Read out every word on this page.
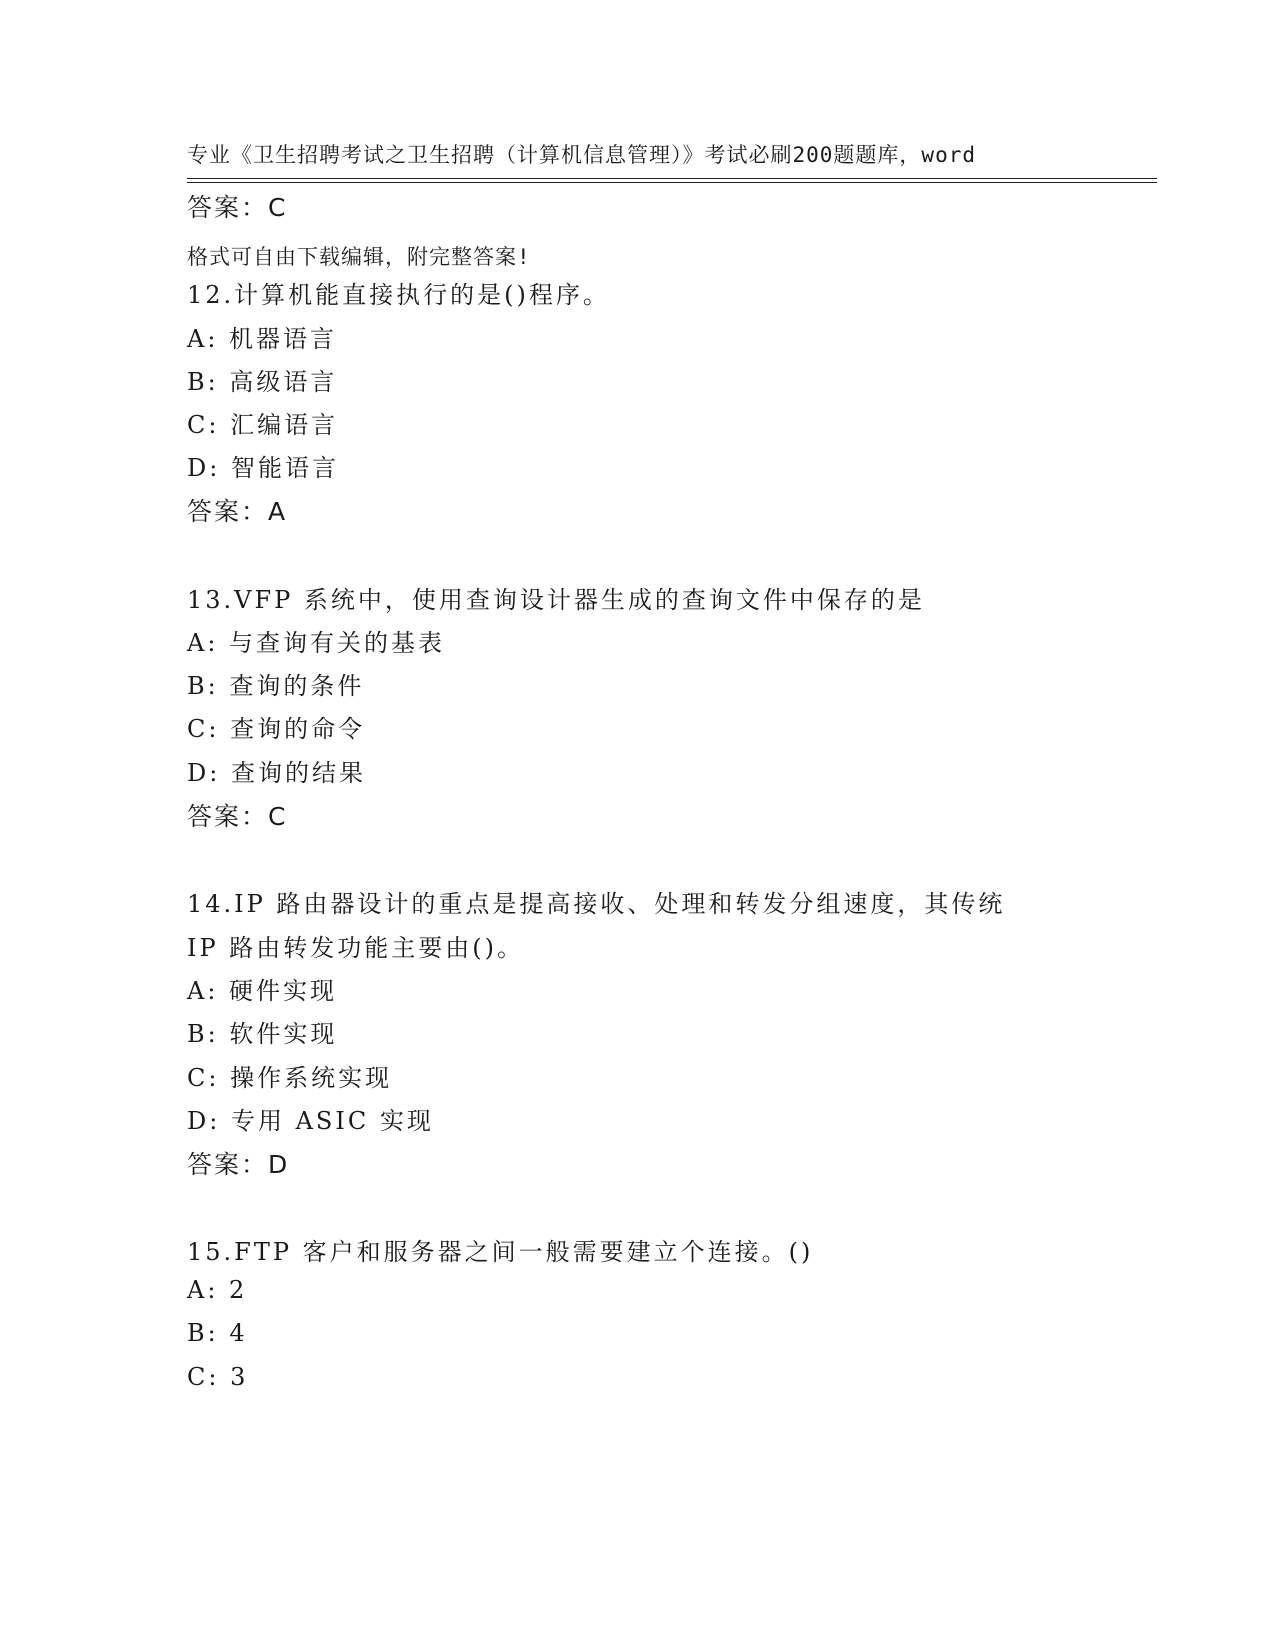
专业《卫生招聘考试之卫生招聘（计算机信息管理）》考试必刷200题题库，word

格式可自由下载编辑，附完整答案!

答案：C
12.计算机能直接执行的是()程序。
A: 机器语言
B: 高级语言
C: 汇编语言
D: 智能语言
答案：A
13.VFP 系统中，使用查询设计器生成的查询文件中保存的是
A: 与查询有关的基表
B: 查询的条件
C: 查询的命令
D: 查询的结果
答案：C
14.IP 路由器设计的重点是提高接收、处理和转发分组速度，其传统
IP 路由转发功能主要由()。
A: 硬件实现
B: 软件实现
C: 操作系统实现
D: 专用 ASIC 实现
答案：D
15.FTP 客户和服务器之间一般需要建立个连接。()
A: 2
B: 4
C: 3
